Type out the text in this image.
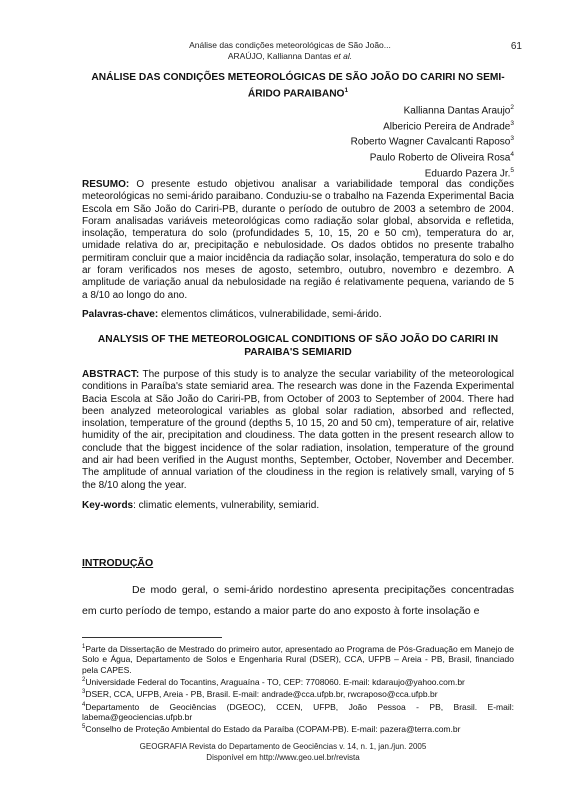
Análise das condições meteorológicas de São João...
ARAÚJO, Kallianna Dantas et al.
61
ANÁLISE DAS CONDIÇÕES METEOROLÓGICAS DE SÃO JOÃO DO CARIRI NO SEMI-ÁRIDO PARAIBANO$^1$
Kallianna Dantas Araujo$^2$
Albericio Pereira de Andrade$^3$
Roberto Wagner Cavalcanti Raposo$^3$
Paulo Roberto de Oliveira Rosa$^4$
Eduardo Pazera Jr.$^5$

RESUMO: O presente estudo objetivou analisar a variabilidade temporal das condições meteorológicas no semi-árido paraibano. Conduziu-se o trabalho na Fazenda Experimental Bacia Escola em São João do Cariri-PB, durante o período de outubro de 2003 a setembro de 2004. Foram analisadas variáveis meteorológicas como radiação solar global, absorvida e refletida, insolação, temperatura do solo (profundidades 5, 10, 15, 20 e 50 cm), temperatura do ar, umidade relativa do ar, precipitação e nebulosidade. Os dados obtidos no presente trabalho permitiram concluir que a maior incidência da radiação solar, insolação, temperatura do solo e do ar foram verificados nos meses de agosto, setembro, outubro, novembro e dezembro. A amplitude de variação anual da nebulosidade na região é relativamente pequena, variando de 5 a 8/10 ao longo do ano.

Palavras-chave: elementos climáticos, vulnerabilidade, semi-árido.

ANALYSIS OF THE METEOROLOGICAL CONDITIONS OF SÃO JOÃO DO CARIRI IN PARAIBA'S SEMIARID

ABSTRACT: The purpose of this study is to analyze the secular variability of the meteorological conditions in Paraíba's state semiarid area. The research was done in the Fazenda Experimental Bacia Escola at São João do Cariri-PB, from October of 2003 to September of 2004. There had been analyzed meteorological variables as global solar radiation, absorbed and reflected, insolation, temperature of the ground (depths 5, 10 15, 20 and 50 cm), temperature of air, relative humidity of the air, precipitation and cloudiness. The data gotten in the present research allow to conclude that the biggest incidence of the solar radiation, insolation, temperature of the ground and air had been verified in the August months, September, October, November and December. The amplitude of annual variation of the cloudiness in the region is relatively small, varying of 5 the 8/10 along the year.

Key-words: climatic elements, vulnerability, semiarid.

INTRODUÇÃO

De modo geral, o semi-árido nordestino apresenta precipitações concentradas em curto período de tempo, estando a maior parte do ano exposto à forte insolação e

$^1$Parte da Dissertação de Mestrado do primeiro autor, apresentado ao Programa de Pós-Graduação em Manejo de Solo e Água, Departamento de Solos e Engenharia Rural (DSER), CCA, UFPB – Areia - PB, Brasil, financiado pela CAPES.
$^2$Universidade Federal do Tocantins, Araguaína - TO, CEP: 7708060. E-mail: kdaraujo@yahoo.com.br
$^3$DSER, CCA, UFPB, Areia - PB, Brasil. E-mail: andrade@cca.ufpb.br, rwcraposo@cca.ufpb.br
$^4$Departamento de Geociências (DGEOC), CCEN, UFPB, João Pessoa - PB, Brasil. E-mail: labema@geociencias.ufpb.br
$^5$Conselho de Proteção Ambiental do Estado da Paraíba (COPAM-PB). E-mail: pazera@terra.com.br
GEOGRAFIA Revista do Departamento de Geociências v. 14, n. 1, jan./jun. 2005
Disponível em http://www.geo.uel.br/revista
